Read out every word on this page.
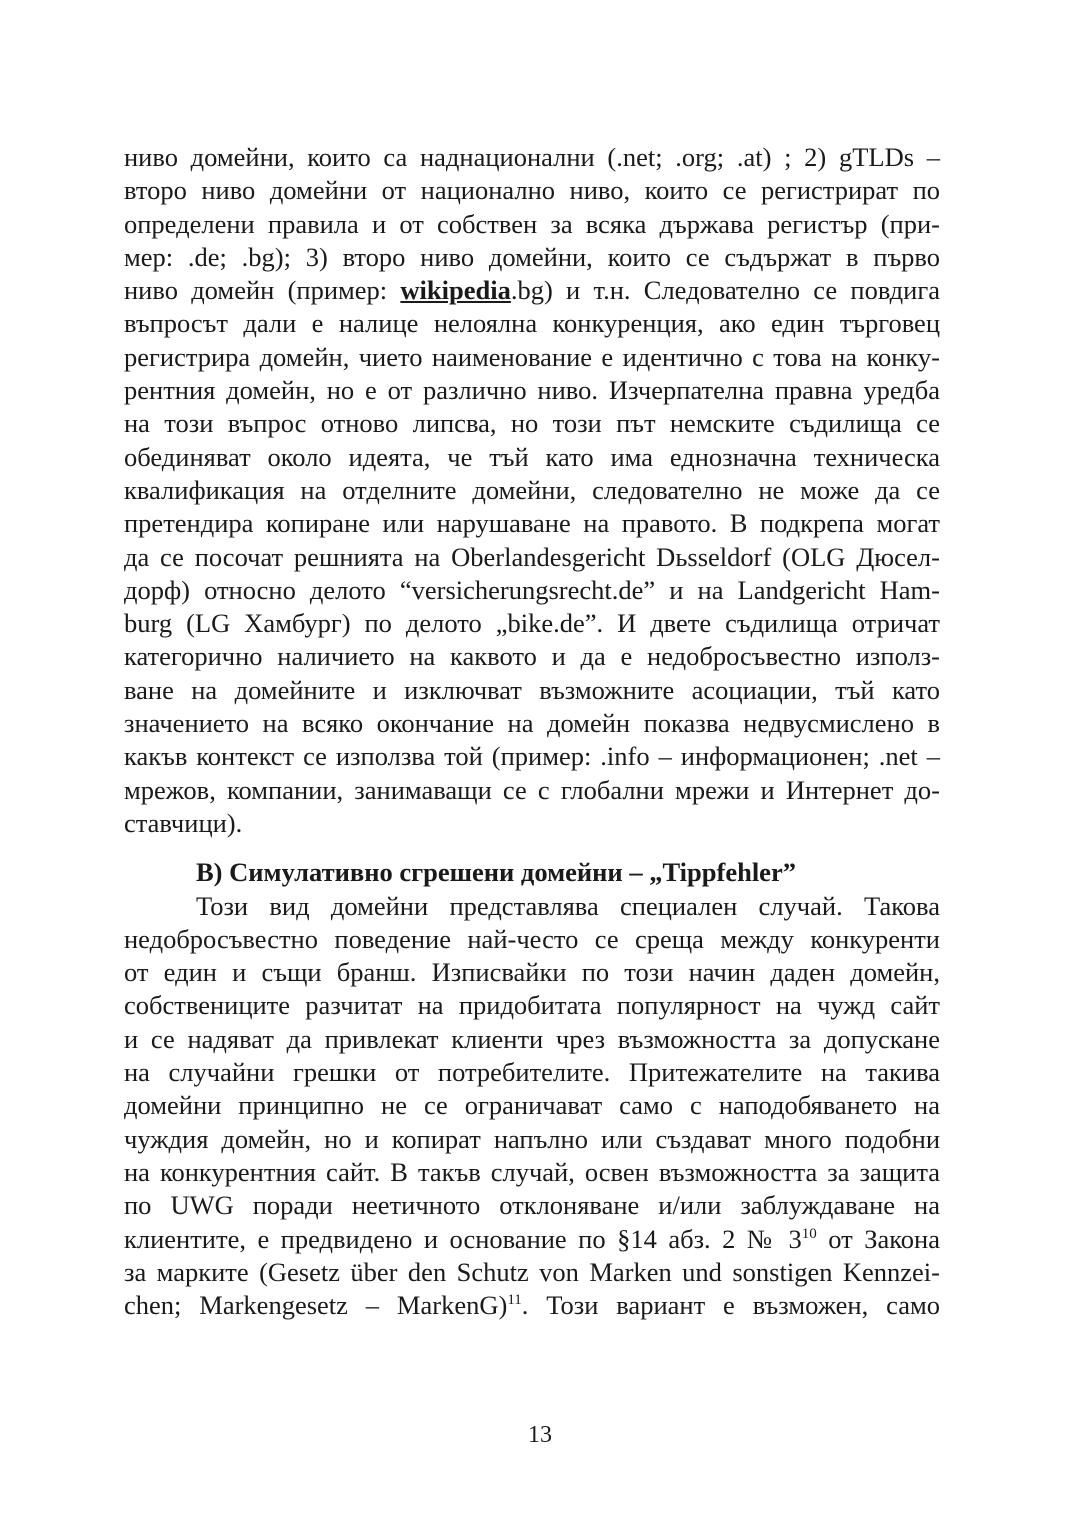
ниво домейни, които са наднационални (.net; .org; .at) ; 2) gTLDs –
второ ниво домейни от национално ниво, които се регистрират по
определени правила и от собствен за всяка държава регистър (при-
мер: .de; .bg); 3) второ ниво домейни, които се съдържат в първо
ниво домейн (пример: wikipedia.bg) и т.н. Следователно се повдига
въпросът дали е налице нелоялна конкуренция, ако един търговец
регистрира домейн, чието наименование е идентично с това на конку-
рентния домейн, но е от различно ниво. Изчерпателна правна уредба
на този въпрос отново липсва, но този път немските съдилища се
обединяват около идеята, че тъй като има еднозначна техническа
квалификация на отделните домейни, следователно не може да се
претендира копиране или нарушаване на правото. В подкрепа могат
да се посочат решнията на Oberlandesgericht Dьsseldorf (OLG Дюсел-
дорф) относно делото “versicherungsrecht.de” и на Landgericht Ham-
burg (LG Хамбург) по делото „bike.de”. И двете съдилища отричат
категорично наличието на каквото и да е недобросъвестно използ-
ване на домейните и изключват възможните асоциации, тъй като
значението на всяко окончание на домейн показва недвусмислено в
какъв контекст се използва той (пример: .info – информационен; .net –
мрежов, компании, занимаващи се с глобални мрежи и Интернет до-
ставчици).

B) Симулативно сгрешени домейни – „Tippfehler”

Този вид домейни представлява специален случай. Такова
недобросъвестно поведение най-често се среща между конкуренти
от един и същи бранш. Изписвайки по този начин даден домейн,
собствениците разчитат на придобитата популярност на чужд сайт
и се надяват да привлекат клиенти чрез възможността за допускане
на случайни грешки от потребителите. Притежателите на такива
домейни принципно не се ограничават само с наподобяването на
чуждия домейн, но и копират напълно или създават много подобни
на конкурентния сайт. В такъв случай, освен възможността за защита
по UWG поради неетичното отклоняване и/или заблуждаване на
клиентите, е предвидено и основание по §14 абз. 2 № $3^{10}$ от Закона
за марките (Gesetz über den Schutz von Marken und sonstigen Kennzei-
chen; Markengesetz – MarkenG)$^{11}$. Този вариант е възможен, само

13
